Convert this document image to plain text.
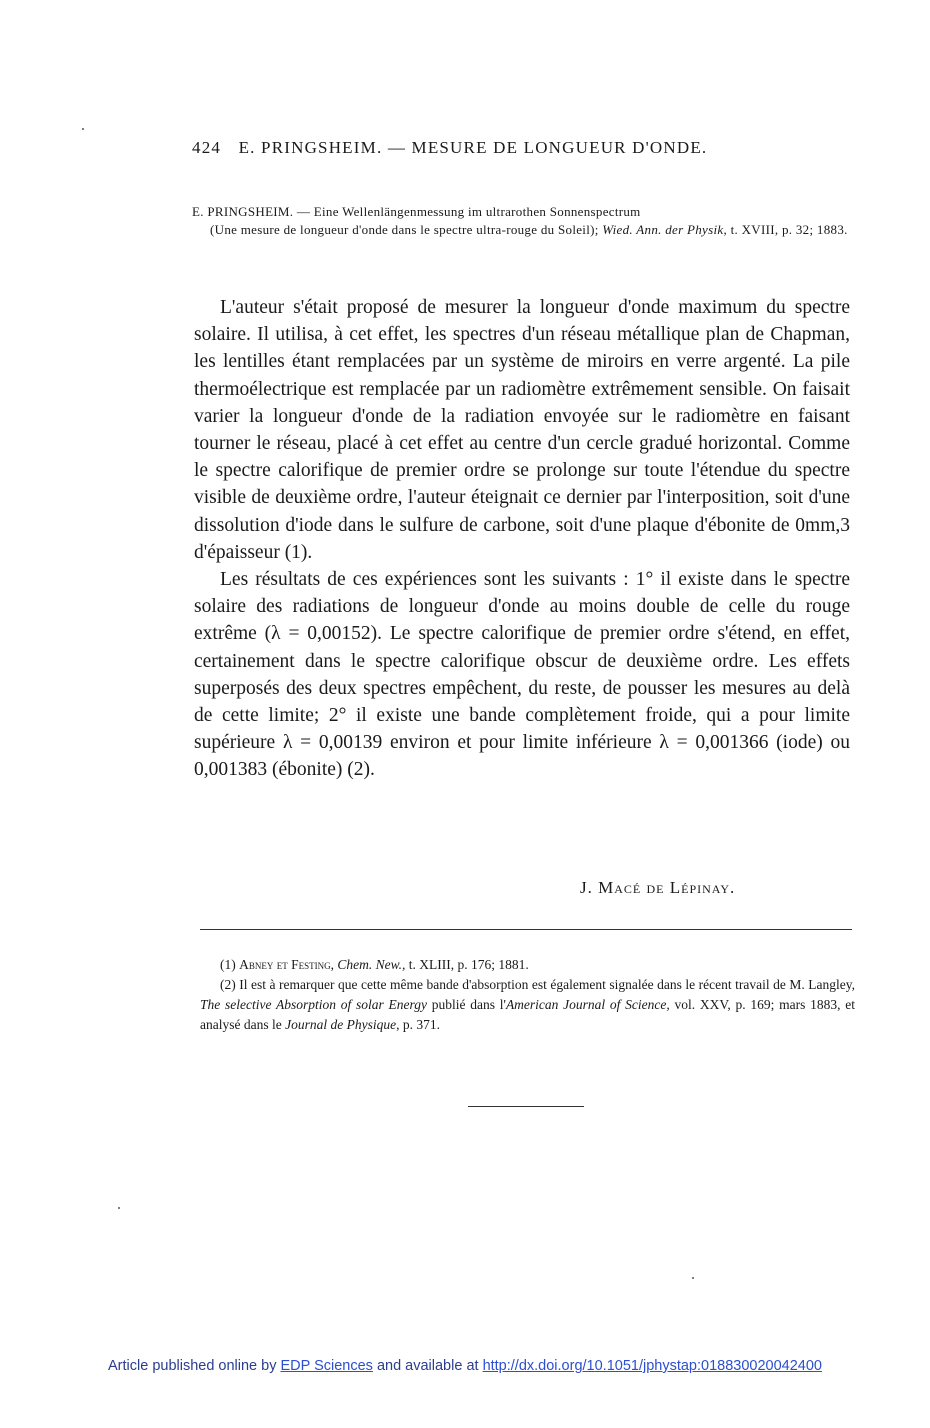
424 E. PRINGSHEIM. — MESURE DE LONGUEUR D'ONDE.
E. PRINGSHEIM. — Eine Wellenlängenmessung im ultrarothen Sonnenspectrum
(Une mesure de longueur d'onde dans le spectre ultra-rouge du Soleil); Wied. Ann. der Physik, t. XVIII, p. 32; 1883.

L'auteur s'était proposé de mesurer la longueur d'onde maximum du spectre solaire. Il utilisa, à cet effet, les spectres d'un réseau métallique plan de Chapman, les lentilles étant remplacées par un système de miroirs en verre argenté. La pile thermoélectrique est remplacée par un radiomètre extrêmement sensible. On faisait varier la longueur d'onde de la radiation envoyée sur le radiomètre en faisant tourner le réseau, placé à cet effet au centre d'un cercle gradué horizontal. Comme le spectre calorifique de premier ordre se prolonge sur toute l'étendue du spectre visible de deuxième ordre, l'auteur éteignait ce dernier par l'interposition, soit d'une dissolution d'iode dans le sulfure de carbone, soit d'une plaque d'ébonite de 0mm,3 d'épaisseur (1).

Les résultats de ces expériences sont les suivants : 1° il existe dans le spectre solaire des radiations de longueur d'onde au moins double de celle du rouge extrême (λ = 0,00152). Le spectre calorifique de premier ordre s'étend, en effet, certainement dans le spectre calorifique obscur de deuxième ordre. Les effets superposés des deux spectres empêchent, du reste, de pousser les mesures au delà de cette limite; 2° il existe une bande complètement froide, qui a pour limite supérieure λ = 0,00139 environ et pour limite inférieure λ = 0,001366 (iode) ou 0,001383 (ébonite) (2).

J. Macé de Lépinay.

(1) Abney et Festing, Chem. New., t. XLIII, p. 176; 1881.

(2) Il est à remarquer que cette même bande d'absorption est également signalée dans le récent travail de M. Langley, The selective Absorption of solar Energy publié dans l'American Journal of Science, vol. XXV, p. 169; mars 1883, et analysé dans le Journal de Physique, p. 371.

Article published online by EDP Sciences and available at http://dx.doi.org/10.1051/jphystap:018830020042400
